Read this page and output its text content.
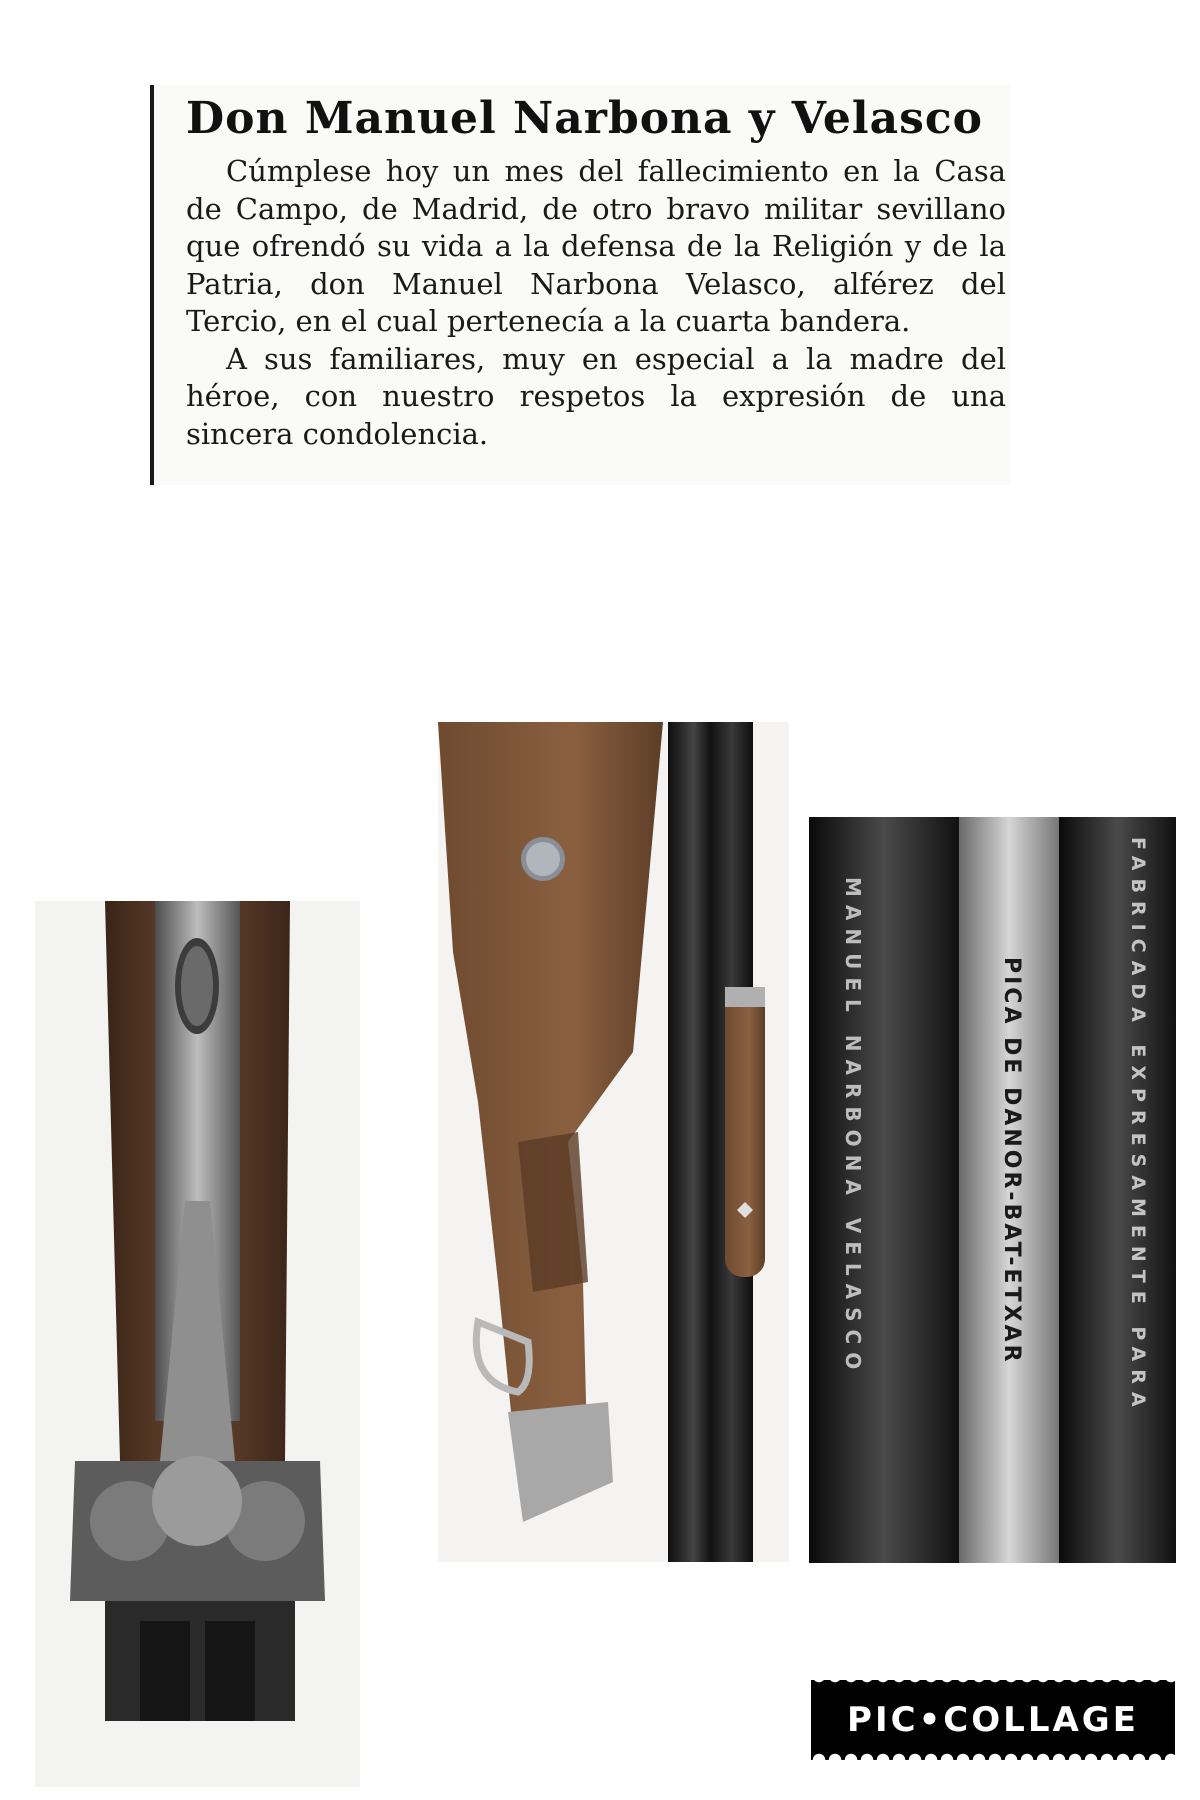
Don Manuel Narbona y Velasco

Cúmplese hoy un mes del fallecimiento en la Casa de Campo, de Madrid, de otro bravo militar sevillano que ofrendó su vida a la defensa de la Religión y de la Patria, don Manuel Narbona Velasco, alférez del Tercio, en el cual pertenecía a la cuarta bandera.

A sus familiares, muy en especial a la madre del héroe, con nuestro respetos la expresión de una sincera condolencia.

MANUEL NARBONA VELASCO	PICA DE DANOR-BAT-ETXAR	FABRICADA EXPRESAMENTE PARA
PIC•COLLAGE
